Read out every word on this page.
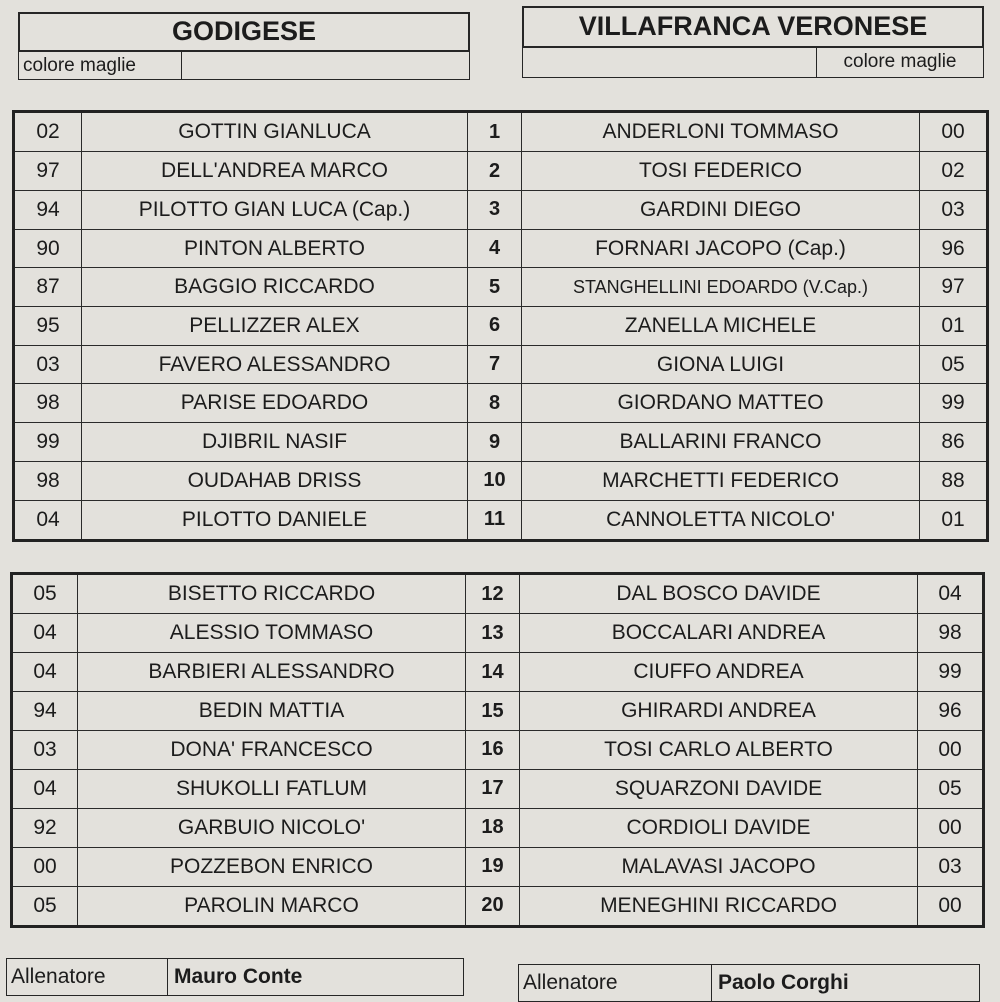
GODIGESE
colore maglie
VILLAFRANCA VERONESE
colore maglie
02	GOTTIN GIANLUCA	1	ANDERLONI TOMMASO	00
97	DELL'ANDREA MARCO	2	TOSI FEDERICO	02
94	PILOTTO GIAN LUCA (Cap.)	3	GARDINI DIEGO	03
90	PINTON ALBERTO	4	FORNARI JACOPO (Cap.)	96
87	BAGGIO RICCARDO	5	STANGHELLINI EDOARDO (V.Cap.)	97
95	PELLIZZER ALEX	6	ZANELLA MICHELE	01
03	FAVERO ALESSANDRO	7	GIONA LUIGI	05
98	PARISE EDOARDO	8	GIORDANO MATTEO	99
99	DJIBRIL NASIF	9	BALLARINI FRANCO	86
98	OUDAHAB DRISS	10	MARCHETTI FEDERICO	88
04	PILOTTO DANIELE	11	CANNOLETTA NICOLO'	01
05	BISETTO RICCARDO	12	DAL BOSCO DAVIDE	04
04	ALESSIO TOMMASO	13	BOCCALARI ANDREA	98
04	BARBIERI ALESSANDRO	14	CIUFFO ANDREA	99
94	BEDIN MATTIA	15	GHIRARDI ANDREA	96
03	DONA' FRANCESCO	16	TOSI CARLO ALBERTO	00
04	SHUKOLLI FATLUM	17	SQUARZONI DAVIDE	05
92	GARBUIO NICOLO'	18	CORDIOLI DAVIDE	00
00	POZZEBON ENRICO	19	MALAVASI JACOPO	03
05	PAROLIN MARCO	20	MENEGHINI RICCARDO	00
Allenatore	Mauro Conte	Allenatore	Paolo Corghi
